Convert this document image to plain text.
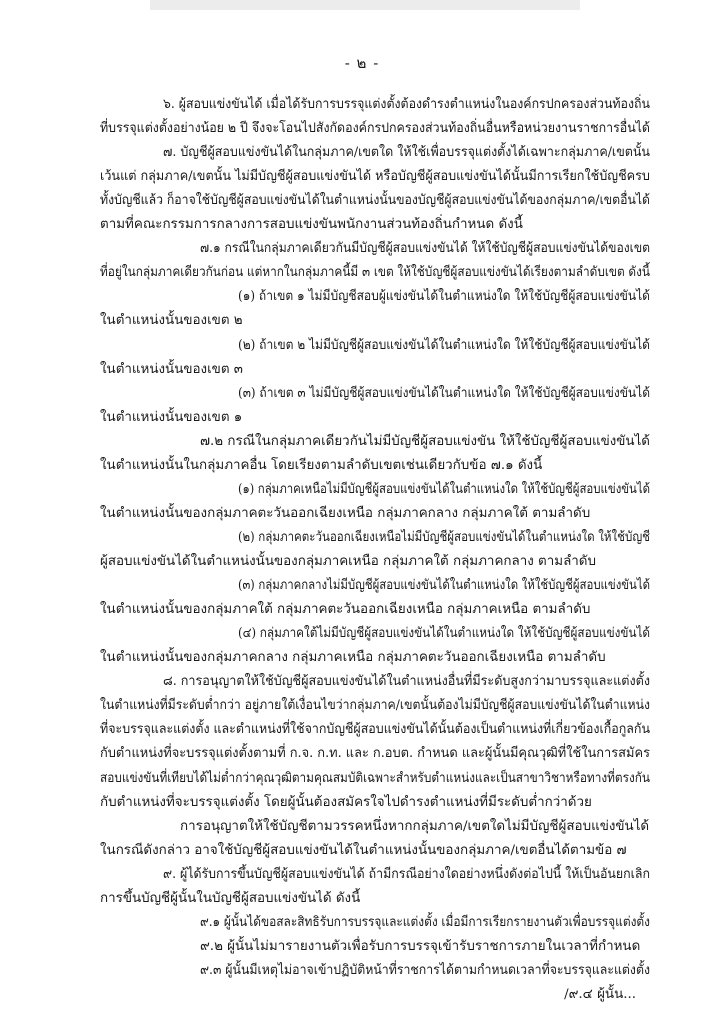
- ๒ -
๖. ผู้สอบแข่งขันได้ เมื่อได้รับการบรรจุแต่งตั้งต้องดำรงตำแหน่งในองค์กรปกครองส่วนท้องถิ่น
ที่บรรจุแต่งตั้งอย่างน้อย ๒ ปี จึงจะโอนไปสังกัดองค์กรปกครองส่วนท้องถิ่นอื่นหรือหน่วยงานราชการอื่นได้
๗. บัญชีผู้สอบแข่งขันได้ในกลุ่มภาค/เขตใด ให้ใช้เพื่อบรรจุแต่งตั้งได้เฉพาะกลุ่มภาค/เขตนั้น
เว้นแต่ กลุ่มภาค/เขตนั้น ไม่มีบัญชีผู้สอบแข่งขันได้ หรือบัญชีผู้สอบแข่งขันได้นั้นมีการเรียกใช้บัญชีครบ
ทั้งบัญชีแล้ว ก็อาจใช้บัญชีผู้สอบแข่งขันได้ในตำแหน่งนั้นของบัญชีผู้สอบแข่งขันได้ของกลุ่มภาค/เขตอื่นได้
ตามที่คณะกรรมการกลางการสอบแข่งขันพนักงานส่วนท้องถิ่นกำหนด ดังนี้
๗.๑ กรณีในกลุ่มภาคเดียวกันมีบัญชีผู้สอบแข่งขันได้ ให้ใช้บัญชีผู้สอบแข่งขันได้ของเขต
ที่อยู่ในกลุ่มภาคเดียวกันก่อน แต่หากในกลุ่มภาคนี้มี ๓ เขต ให้ใช้บัญชีผู้สอบแข่งขันได้เรียงตามลำดับเขต ดังนี้
(๑) ถ้าเขต ๑ ไม่มีบัญชีสอบผู้แข่งขันได้ในตำแหน่งใด ให้ใช้บัญชีผู้สอบแข่งขันได้
ในตำแหน่งนั้นของเขต ๒
(๒) ถ้าเขต ๒ ไม่มีบัญชีผู้สอบแข่งขันได้ในตำแหน่งใด ให้ใช้บัญชีผู้สอบแข่งขันได้
ในตำแหน่งนั้นของเขต ๓
(๓) ถ้าเขต ๓ ไม่มีบัญชีผู้สอบแข่งขันได้ในตำแหน่งใด ให้ใช้บัญชีผู้สอบแข่งขันได้
ในตำแหน่งนั้นของเขต ๑
๗.๒ กรณีในกลุ่มภาคเดียวกันไม่มีบัญชีผู้สอบแข่งขัน ให้ใช้บัญชีผู้สอบแข่งขันได้
ในตำแหน่งนั้นในกลุ่มภาคอื่น โดยเรียงตามลำดับเขตเช่นเดียวกับข้อ ๗.๑ ดังนี้
(๑) กลุ่มภาคเหนือไม่มีบัญชีผู้สอบแข่งขันได้ในตำแหน่งใด ให้ใช้บัญชีผู้สอบแข่งขันได้
ในตำแหน่งนั้นของกลุ่มภาคตะวันออกเฉียงเหนือ กลุ่มภาคกลาง กลุ่มภาคใต้ ตามลำดับ
(๒) กลุ่มภาคตะวันออกเฉียงเหนือไม่มีบัญชีผู้สอบแข่งขันได้ในตำแหน่งใด ให้ใช้บัญชี
ผู้สอบแข่งขันได้ในตำแหน่งนั้นของกลุ่มภาคเหนือ กลุ่มภาคใต้ กลุ่มภาคกลาง ตามลำดับ
(๓) กลุ่มภาคกลางไม่มีบัญชีผู้สอบแข่งขันได้ในตำแหน่งใด ให้ใช้บัญชีผู้สอบแข่งขันได้
ในตำแหน่งนั้นของกลุ่มภาคใต้ กลุ่มภาคตะวันออกเฉียงเหนือ กลุ่มภาคเหนือ ตามลำดับ
(๔) กลุ่มภาคใต้ไม่มีบัญชีผู้สอบแข่งขันได้ในตำแหน่งใด ให้ใช้บัญชีผู้สอบแข่งขันได้
ในตำแหน่งนั้นของกลุ่มภาคกลาง กลุ่มภาคเหนือ กลุ่มภาคตะวันออกเฉียงเหนือ ตามลำดับ
๘. การอนุญาตให้ใช้บัญชีผู้สอบแข่งขันได้ในตำแหน่งอื่นที่มีระดับสูงกว่ามาบรรจุและแต่งตั้ง
ในตำแหน่งที่มีระดับต่ำกว่า อยู่ภายใต้เงื่อนไขว่ากลุ่มภาค/เขตนั้นต้องไม่มีบัญชีผู้สอบแข่งขันได้ในตำแหน่ง
ที่จะบรรจุและแต่งตั้ง และตำแหน่งที่ใช้จากบัญชีผู้สอบแข่งขันได้นั้นต้องเป็นตำแหน่งที่เกี่ยวข้องเกื้อกูลกัน
กับตำแหน่งที่จะบรรจุแต่งตั้งตามที่ ก.จ. ก.ท. และ ก.อบต. กำหนด และผู้นั้นมีคุณวุฒิที่ใช้ในการสมัคร
สอบแข่งขันที่เทียบได้ไม่ต่ำกว่าคุณวุฒิตามคุณสมบัติเฉพาะสำหรับตำแหน่งและเป็นสาขาวิชาหรือทางที่ตรงกัน
กับตำแหน่งที่จะบรรจุแต่งตั้ง โดยผู้นั้นต้องสมัครใจไปดำรงตำแหน่งที่มีระดับต่ำกว่าด้วย
การอนุญาตให้ใช้บัญชีตามวรรคหนึ่งหากกลุ่มภาค/เขตใดไม่มีบัญชีผู้สอบแข่งขันได้
ในกรณีดังกล่าว อาจใช้บัญชีผู้สอบแข่งขันได้ในตำแหน่งนั้นของกลุ่มภาค/เขตอื่นได้ตามข้อ ๗
๙. ผู้ได้รับการขึ้นบัญชีผู้สอบแข่งขันได้ ถ้ามีกรณีอย่างใดอย่างหนึ่งดังต่อไปนี้ ให้เป็นอันยกเลิก
การขึ้นบัญชีผู้นั้นในบัญชีผู้สอบแข่งขันได้ ดังนี้
๙.๑ ผู้นั้นได้ขอสละสิทธิรับการบรรจุและแต่งตั้ง เมื่อมีการเรียกรายงานตัวเพื่อบรรจุแต่งตั้ง
๙.๒ ผู้นั้นไม่มารายงานตัวเพื่อรับการบรรจุเข้ารับราชการภายในเวลาที่กำหนด
๙.๓ ผู้นั้นมีเหตุไม่อาจเข้าปฏิบัติหน้าที่ราชการได้ตามกำหนดเวลาที่จะบรรจุและแต่งตั้ง
/๙.๔ ผู้นั้น...
